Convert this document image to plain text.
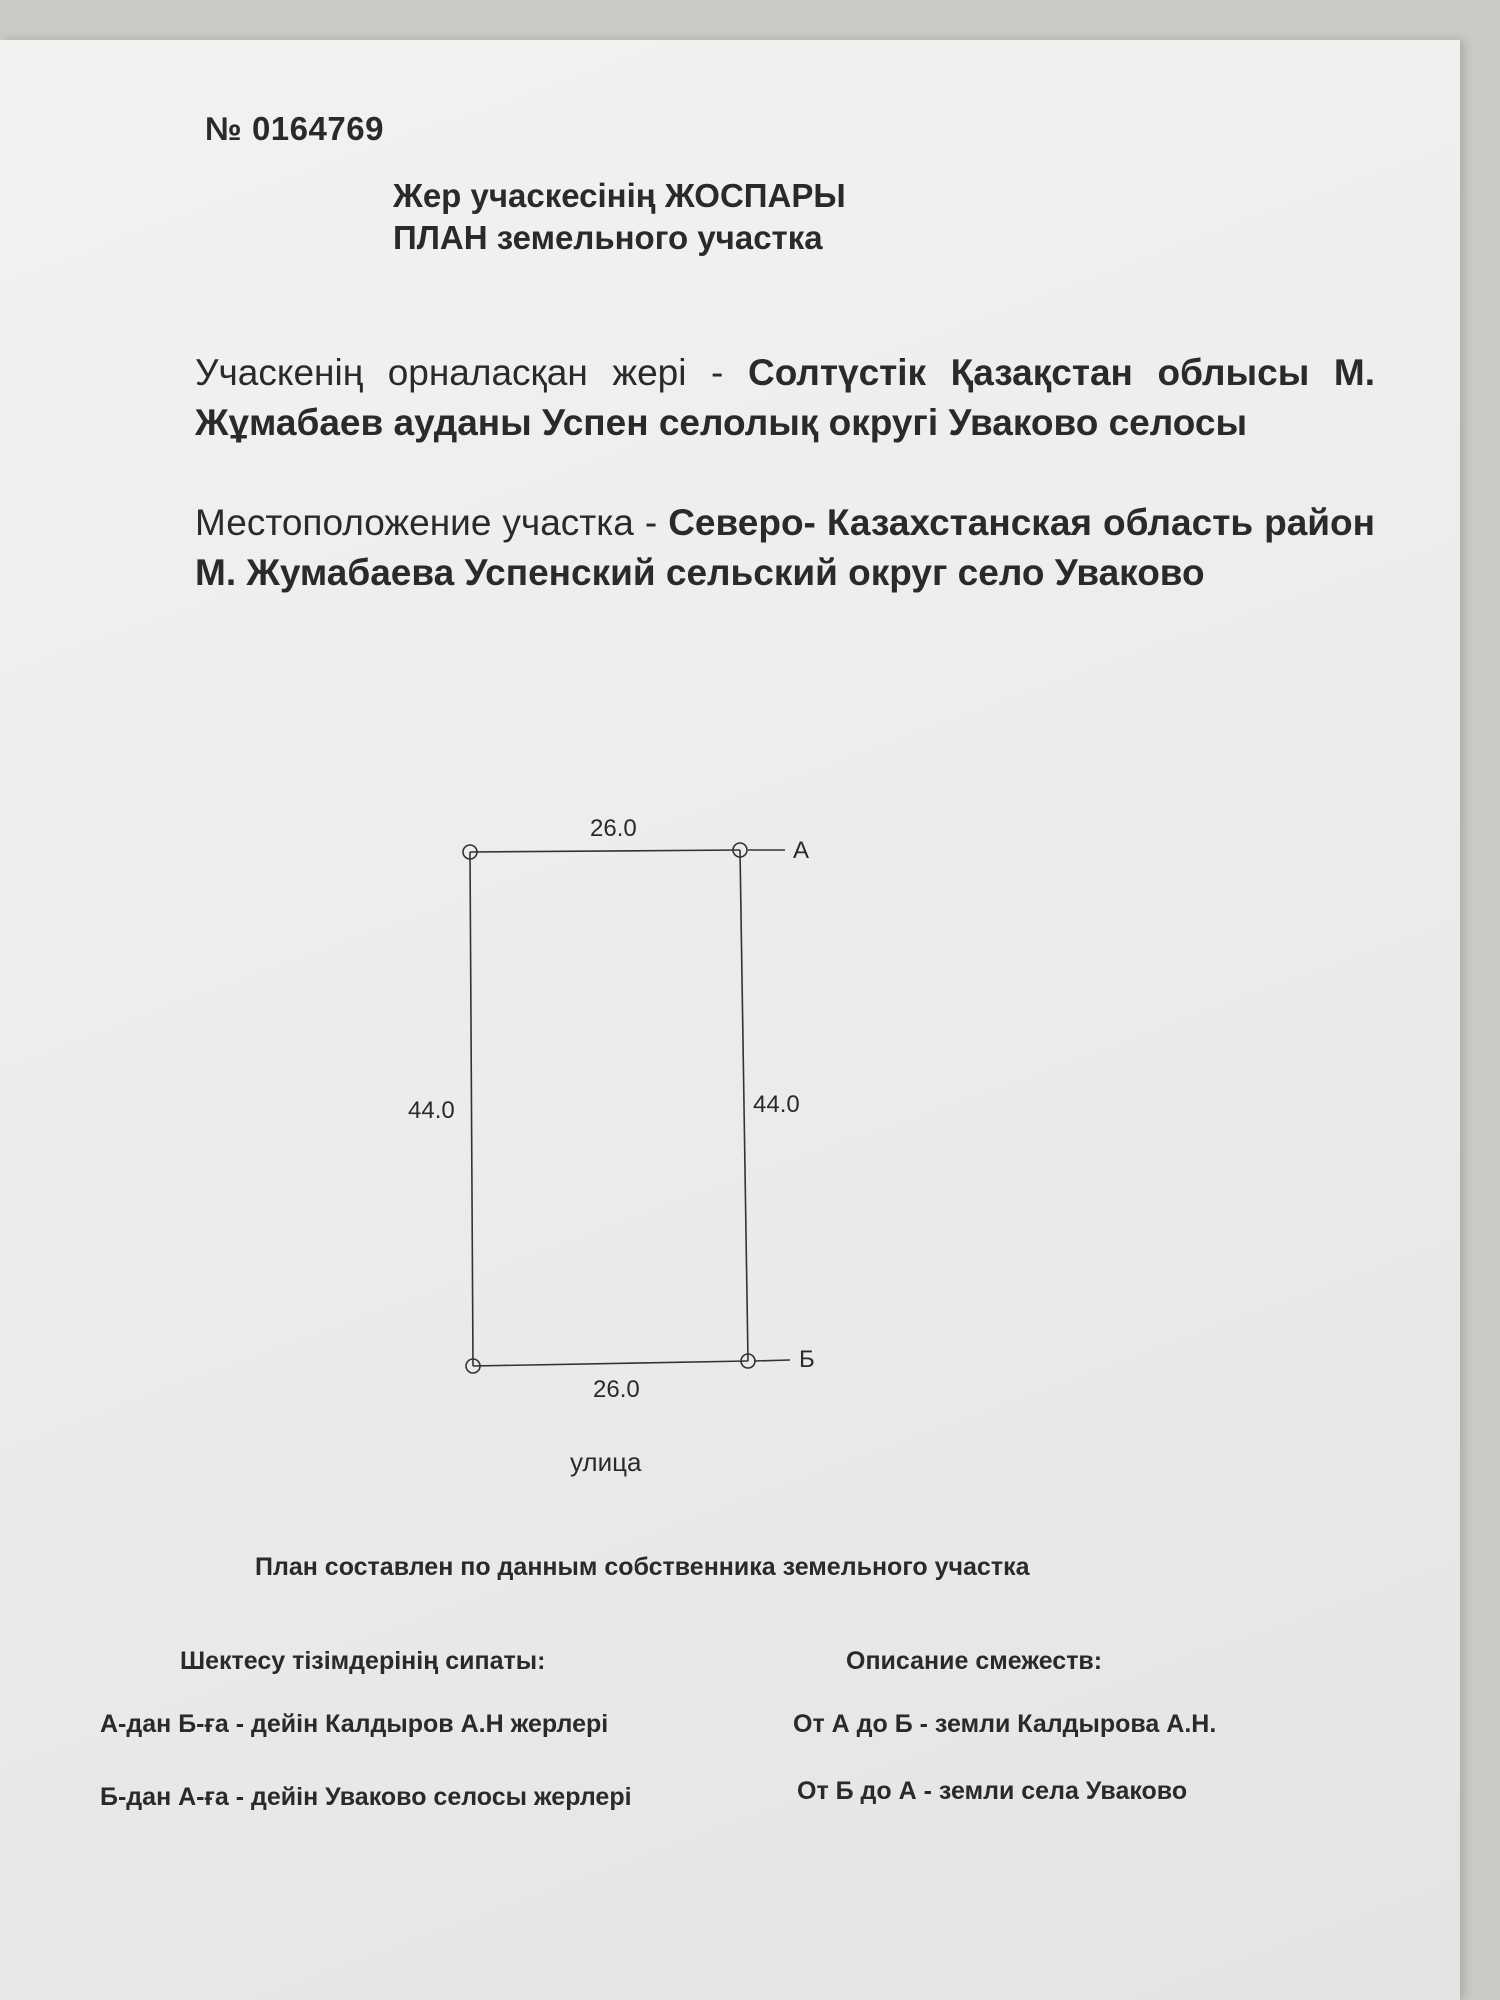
№ 0164769
Жер учаскесінің ЖОСПАРЫ
ПЛАН земельного участка
Учаскенің орналасқан жері - Солтүстік Қазақстан облысы М. Жұмабаев ауданы Успен селолық округі Уваково селосы
Местоположение участка - Северо- Казахстанская область район М. Жумабаева Успенский сельский округ село Уваково
26.0
26.0
44.0	44.0
А
Б
улица
План составлен по данным собственника земельного участка
Шектесу тізімдерінің сипаты:	Описание смежеств:
А-дан Б-ға - дейін Калдыров А.Н жерлері
Б-дан А-ға - дейін Уваково селосы жерлері
От А до Б - земли Калдырова А.Н.
От Б до А - земли села Уваково
